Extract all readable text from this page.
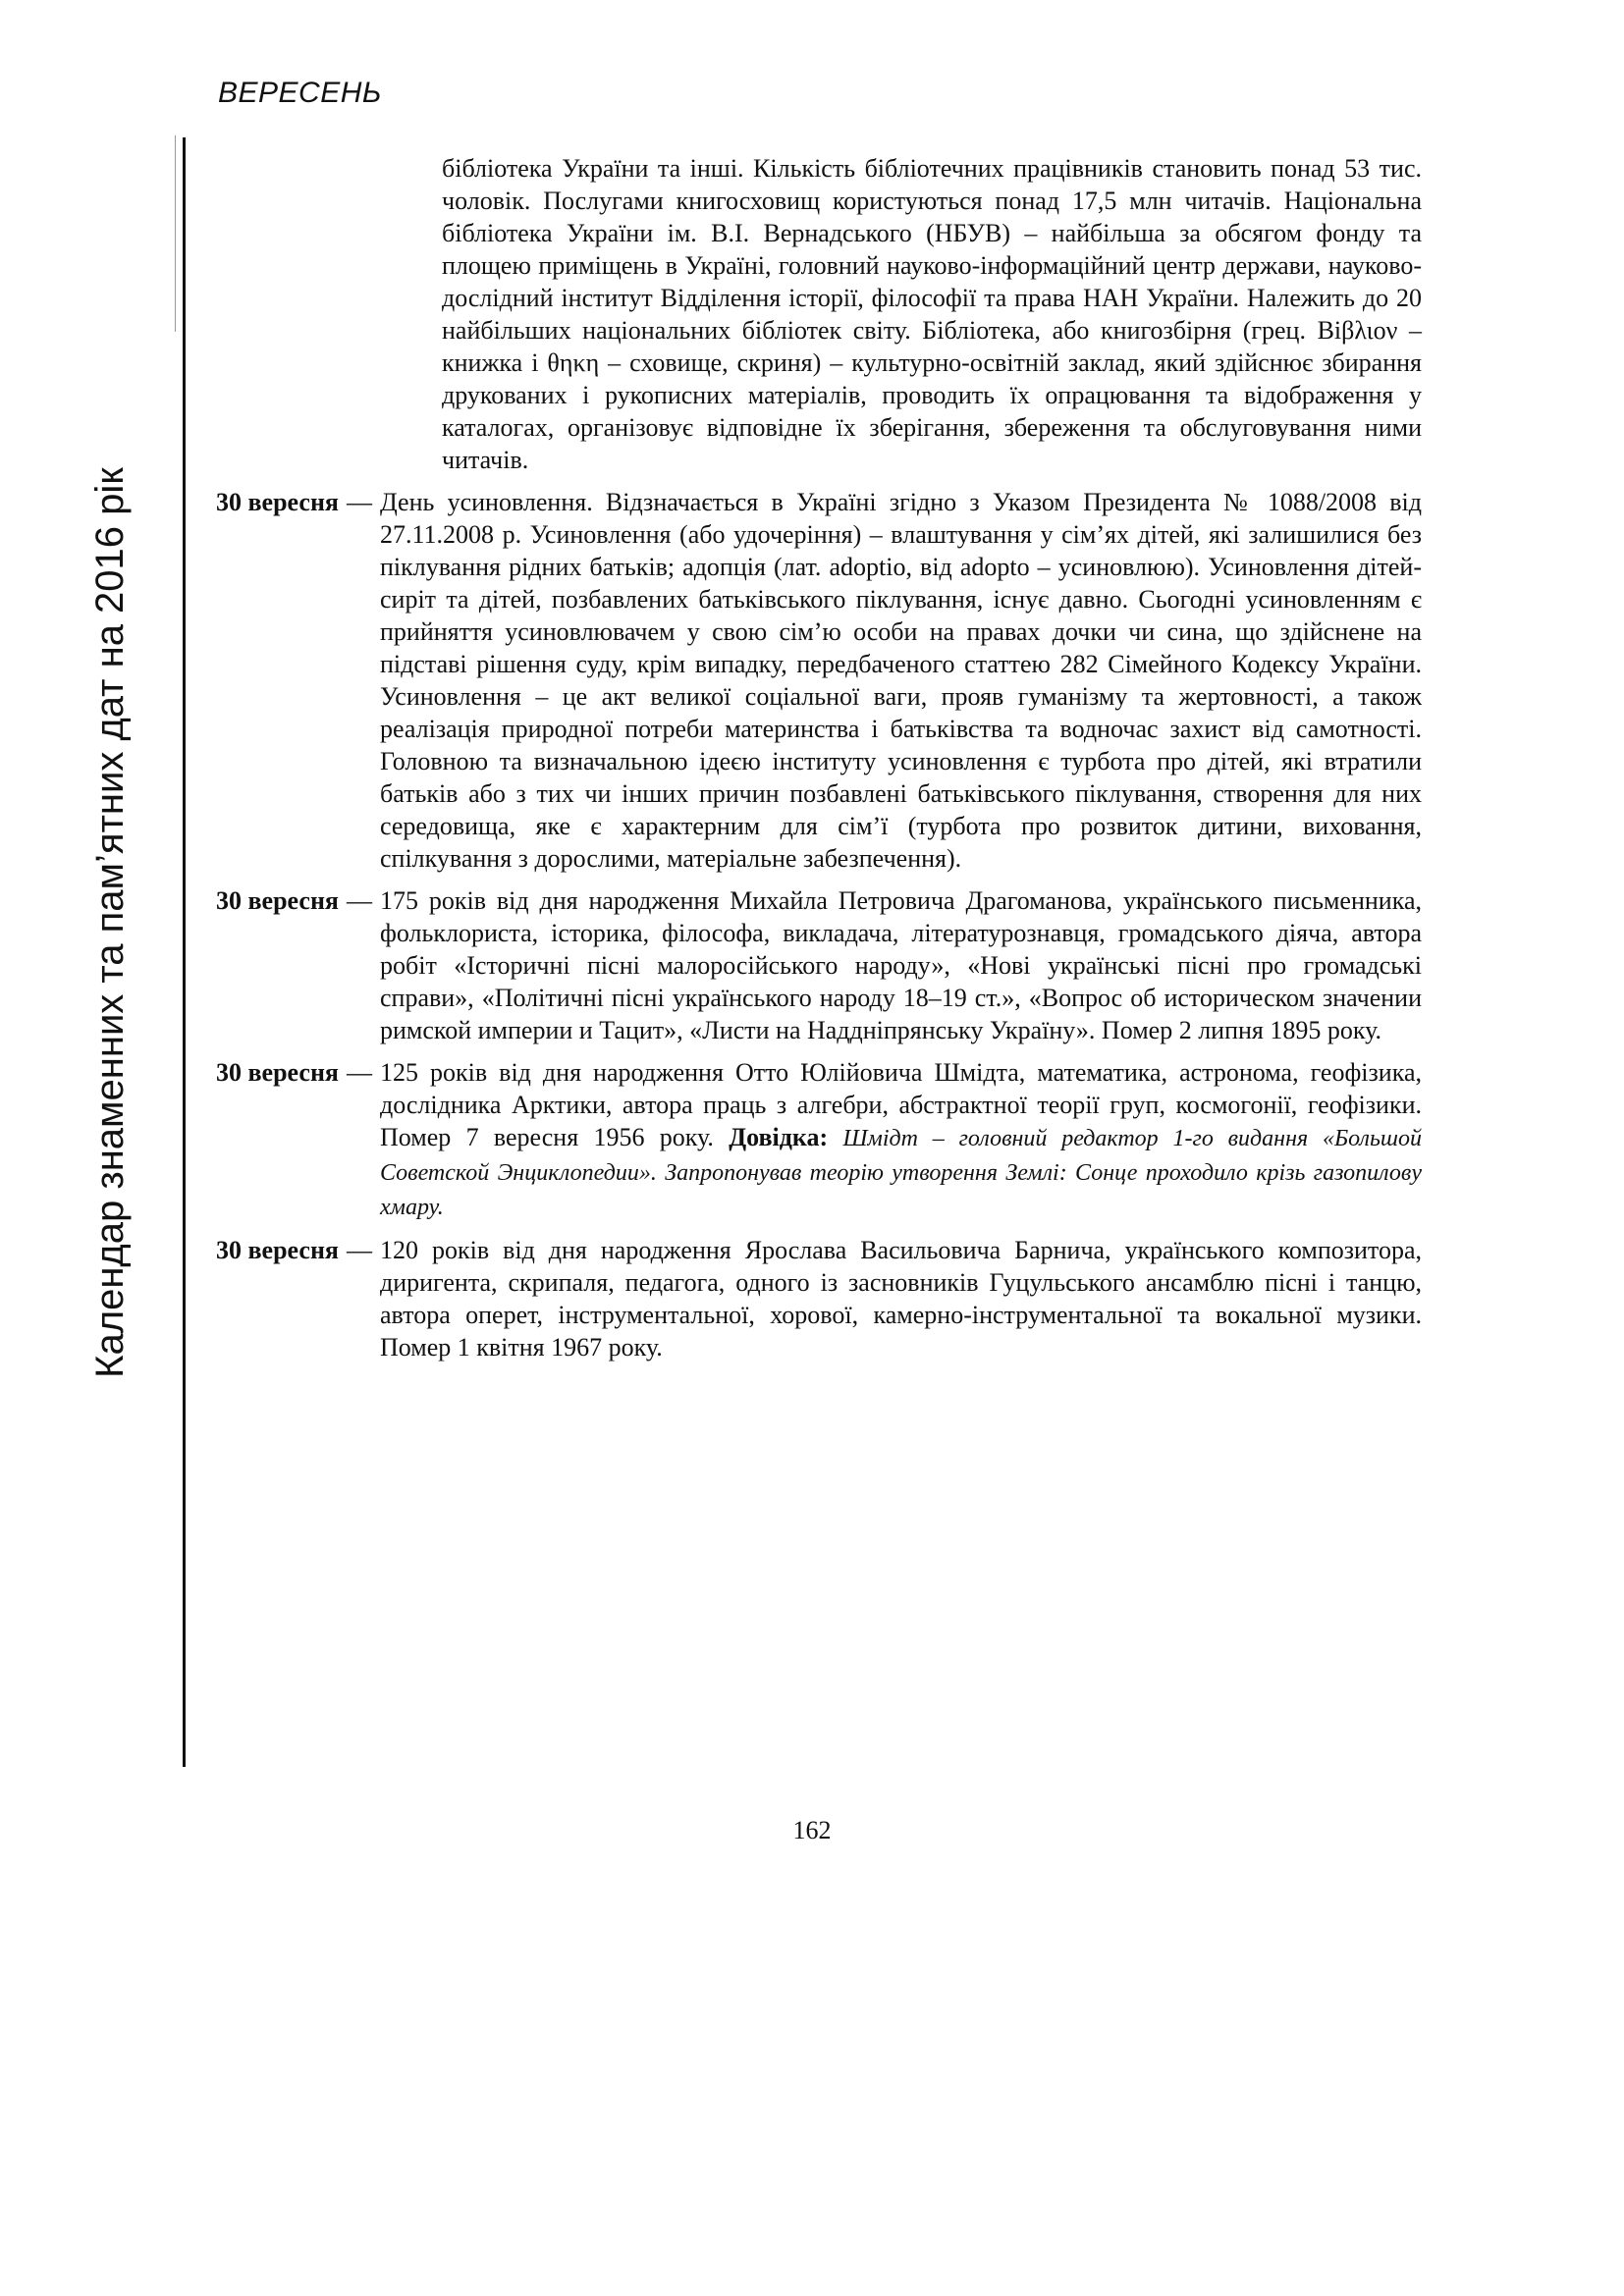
ВЕРЕСЕНЬ
Календар знаменних та пам’ятних дат на 2016 рік
бібліотека України та інші. Кількість бібліотечних працівників становить понад 53 тис. чоловік. Послугами книгосховищ користуються понад 17,5 млн читачів. Національна бібліотека України ім. В.І. Вернадського (НБУВ) – найбільша за обсягом фонду та площею приміщень в Україні, головний науково-інформаційний центр держави, науково-дослідний інститут Відділення історії, філософії та права НАН України. Належить до 20 найбільших національних бібліотек світу. Бібліотека, або книгозбірня (грец. Biβλιον – книжка і θηκη – сховище, скриня) – культурно-освітній заклад, який здійснює збирання друкованих і рукописних матеріалів, проводить їх опрацювання та відображення у каталогах, організовує відповідне їх зберігання, збереження та обслуговування ними читачів.
30 вересня — День усиновлення. Відзначається в Україні згідно з Указом Президента № 1088/2008 від 27.11.2008 р. Усиновлення (або удочеріння) – влаштування у сім’ях дітей, які залишилися без піклування рідних батьків; адопція (лат. adoptio, від adopto – усиновлюю). Усиновлення дітей-сиріт та дітей, позбавлених батьківського піклування, існує давно. Сьогодні усиновленням є прийняття усиновлювачем у свою сім’ю особи на правах дочки чи сина, що здійснене на підставі рішення суду, крім випадку, передбаченого статтею 282 Сімейного Кодексу України. Усиновлення – це акт великої соціальної ваги, прояв гуманізму та жертовності, а також реалізація природної потреби материнства і батьківства та водночас захист від самотності. Головною та визначальною ідеєю інституту усиновлення є турбота про дітей, які втратили батьків або з тих чи інших причин позбавлені батьківського піклування, створення для них середовища, яке є характерним для сім’ї (турбота про розвиток дитини, виховання, спілкування з дорослими, матеріальне забезпечення).
30 вересня — 175 років від дня народження Михайла Петровича Драгоманова, українського письменника, фольклориста, історика, філософа, викладача, літературознавця, громадського діяча, автора робіт «Історичні пісні малоросійського народу», «Нові українські пісні про громадські справи», «Політичні пісні українського народу 18–19 ст.», «Вопрос об историческом значении римской империи и Тацит», «Листи на Наддніпрянську Україну». Помер 2 липня 1895 року.
30 вересня — 125 років від дня народження Отто Юлійовича Шмідта, математика, астронома, геофізика, дослідника Арктики, автора праць з алгебри, абстрактної теорії груп, космогонії, геофізики. Помер 7 вересня 1956 року. Довідка: Шмідт – головний редактор 1-го видання «Большой Советской Энциклопедии». Запропонував теорію утворення Землі: Сонце проходило крізь газопилову хмару.
30 вересня — 120 років від дня народження Ярослава Васильовича Барнича, українського композитора, диригента, скрипаля, педагога, одного із засновників Гуцульського ансамблю пісні і танцю, автора оперет, інструментальної, хорової, камерно-інструментальної та вокальної музики. Помер 1 квітня 1967 року.
162
